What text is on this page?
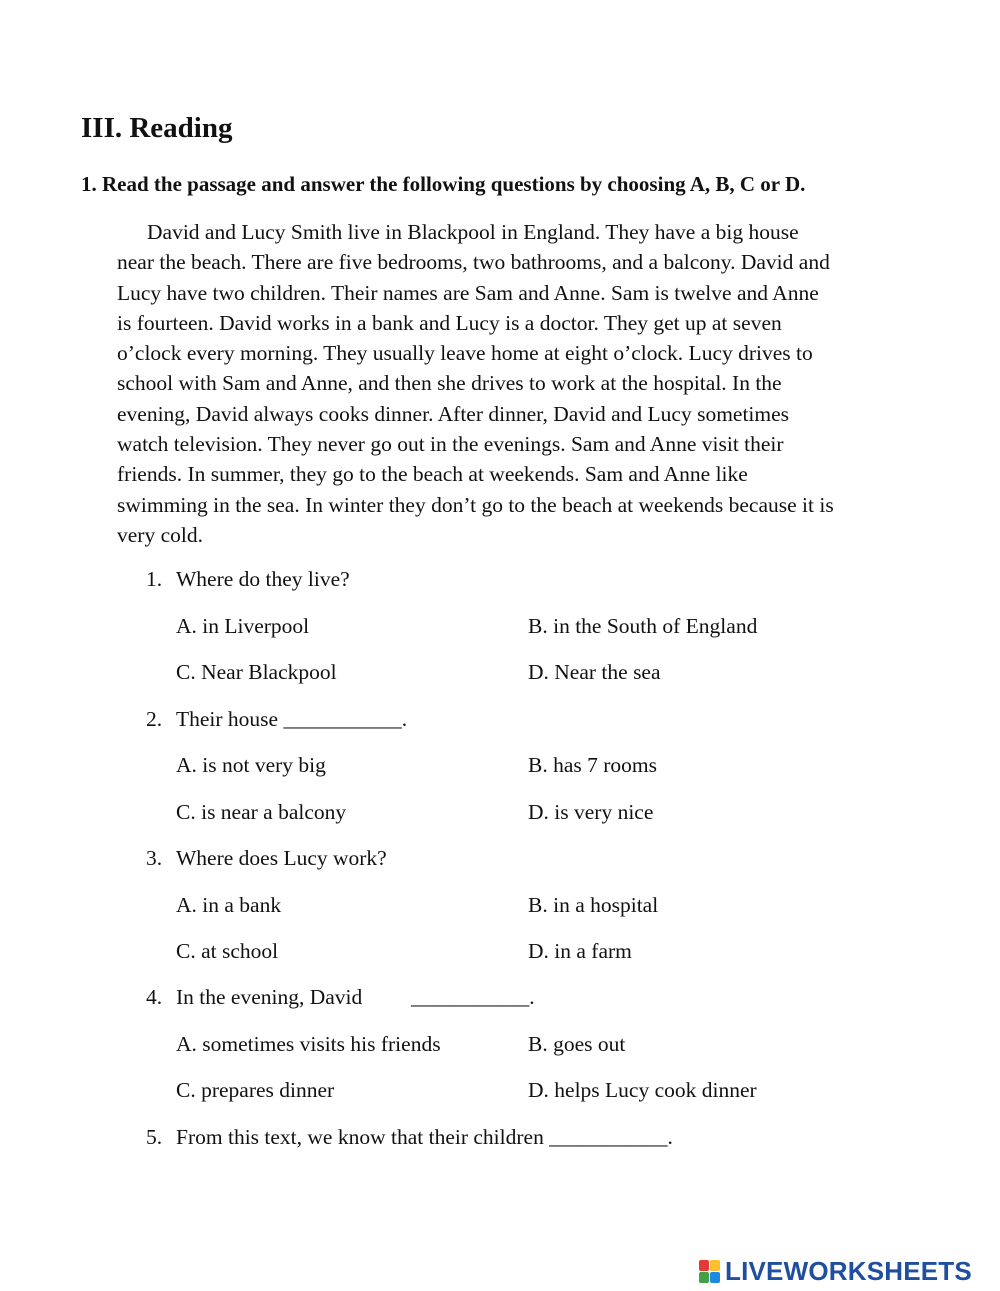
III. Reading

1. Read the passage and answer the following questions by choosing A, B, C or D.

David and Lucy Smith live in Blackpool in England. They have a big house
near the beach. There are five bedrooms, two bathrooms, and a balcony. David and
Lucy have two children. Their names are Sam and Anne. Sam is twelve and Anne
is fourteen. David works in a bank and Lucy is a doctor. They get up at seven
o’clock every morning. They usually leave home at eight o’clock. Lucy drives to
school with Sam and Anne, and then she drives to work at the hospital. In the
evening, David always cooks dinner. After dinner, David and Lucy sometimes
watch television. They never go out in the evenings. Sam and Anne visit their
friends. In summer, they go to the beach at weekends. Sam and Anne like
swimming in the sea. In winter they don’t go to the beach at weekends because it is
very cold.
1. Where do they live?
A. in Liverpool	B. in the South of England
C. Near Blackpool	D. Near the sea
2. Their house ___________.
A. is not very big	B. has 7 rooms
C. is near a balcony	D. is very nice
3. Where does Lucy work?
A. in a bank	B. in a hospital
C. at school	D. in a farm
4. In the evening, David ___________.
A. sometimes visits his friends	B. goes out
C. prepares dinner	D. helps Lucy cook dinner
5. From this text, we know that their children ___________.
LIVEWORKSHEETS
